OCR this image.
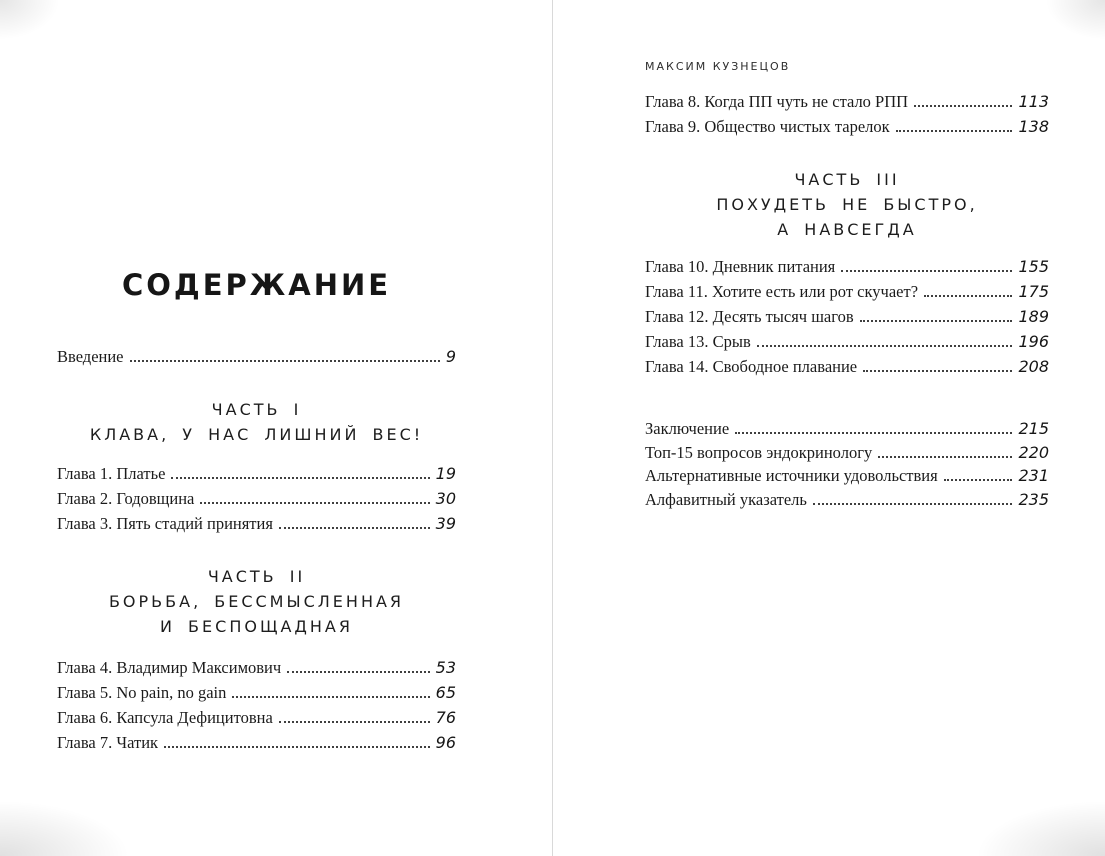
СОДЕРЖАНИЕ
Введение	9
ЧАСТЬ I
КЛАВА, У НАС ЛИШНИЙ ВЕС!
Глава 1. Платье	19
Глава 2. Годовщина	30
Глава 3. Пять стадий принятия	39
ЧАСТЬ II
БОРЬБА, БЕССМЫСЛЕННАЯ
И БЕСПОЩАДНАЯ
Глава 4. Владимир Максимович	53
Глава 5. No pain, no gain	65
Глава 6. Капсула Дефицитовна	76
Глава 7. Чатик	96
МАКСИМ КУЗНЕЦОВ
Глава 8. Когда ПП чуть не стало РПП	113
Глава 9. Общество чистых тарелок	138
ЧАСТЬ III
ПОХУДЕТЬ НЕ БЫСТРО,
А НАВСЕГДА
Глава 10. Дневник питания	155
Глава 11. Хотите есть или рот скучает?	175
Глава 12. Десять тысяч шагов	189
Глава 13. Срыв	196
Глава 14. Свободное плавание	208
Заключение	215
Топ-15 вопросов эндокринологу	220
Альтернативные источники удовольствия	231
Алфавитный указатель	235
